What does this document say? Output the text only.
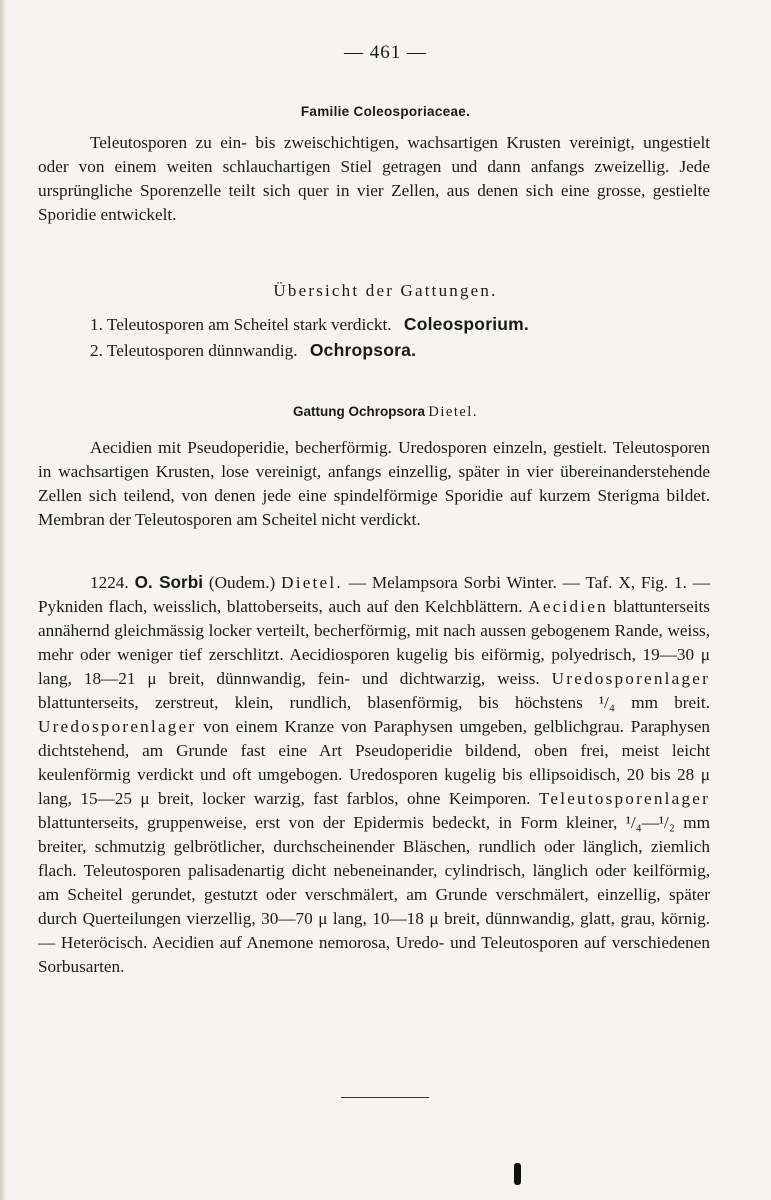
— 461 —
Familie Coleosporiaceae.
Teleutosporen zu ein- bis zweischichtigen, wachsartigen Krusten vereinigt, ungestielt oder von einem weiten schlauchartigen Stiel getragen und dann anfangs zweizellig. Jede ursprüngliche Sporenzelle teilt sich quer in vier Zellen, aus denen sich eine grosse, gestielte Sporidie entwickelt.
Übersicht der Gattungen.
1. Teleutosporen am Scheitel stark verdickt. Coleosporium.
2. Teleutosporen dünnwandig. Ochropsora.
Gattung Ochropsora Dietel.
Aecidien mit Pseudoperidie, becherförmig. Uredosporen einzeln, gestielt. Teleutosporen in wachsartigen Krusten, lose vereinigt, anfangs einzellig, später in vier übereinanderstehende Zellen sich teilend, von denen jede eine spindelförmige Sporidie auf kurzem Sterigma bildet. Membran der Teleutosporen am Scheitel nicht verdickt.
1224. O. Sorbi (Oudem.) Dietel. — Melampsora Sorbi Winter. — Taf. X, Fig. 1. — Pykniden flach, weisslich, blattoberseits, auch auf den Kelchblättern. Aecidien blattunterseits annähernd gleichmässig locker verteilt, becherförmig, mit nach aussen gebogenem Rande, weiss, mehr oder weniger tief zerschlitzt. Aecidiosporen kugelig bis eiförmig, polyedrisch, 19—30 μ lang, 18—21 μ breit, dünnwandig, fein- und dichtwarzig, weiss. Uredosporenlager blattunterseits, zerstreut, klein, rundlich, blasenförmig, bis höchstens ¹/₄ mm breit. Uredosporenlager von einem Kranze von Paraphysen umgeben, gelblichgrau. Paraphysen dichtstehend, am Grunde fast eine Art Pseudoperidie bildend, oben frei, meist leicht keulenförmig verdickt und oft umgebogen. Uredosporen kugelig bis ellipsoidisch, 20 bis 28 μ lang, 15—25 μ breit, locker warzig, fast farblos, ohne Keimporen. Teleutosporenlager blattunterseits, gruppenweise, erst von der Epidermis bedeckt, in Form kleiner, ¹/₄—¹/₂ mm breiter, schmutzig gelbrötlicher, durchscheinender Bläschen, rundlich oder länglich, ziemlich flach. Teleutosporen palisadenartig dicht nebeneinander, cylindrisch, länglich oder keilförmig, am Scheitel gerundet, gestutzt oder verschmälert, am Grunde verschmälert, einzellig, später durch Querteilungen vierzellig, 30—70 μ lang, 10—18 μ breit, dünnwandig, glatt, grau, körnig. — Heteröcisch. Aecidien auf Anemone nemorosa, Uredo- und Teleutosporen auf verschiedenen Sorbusarten.
